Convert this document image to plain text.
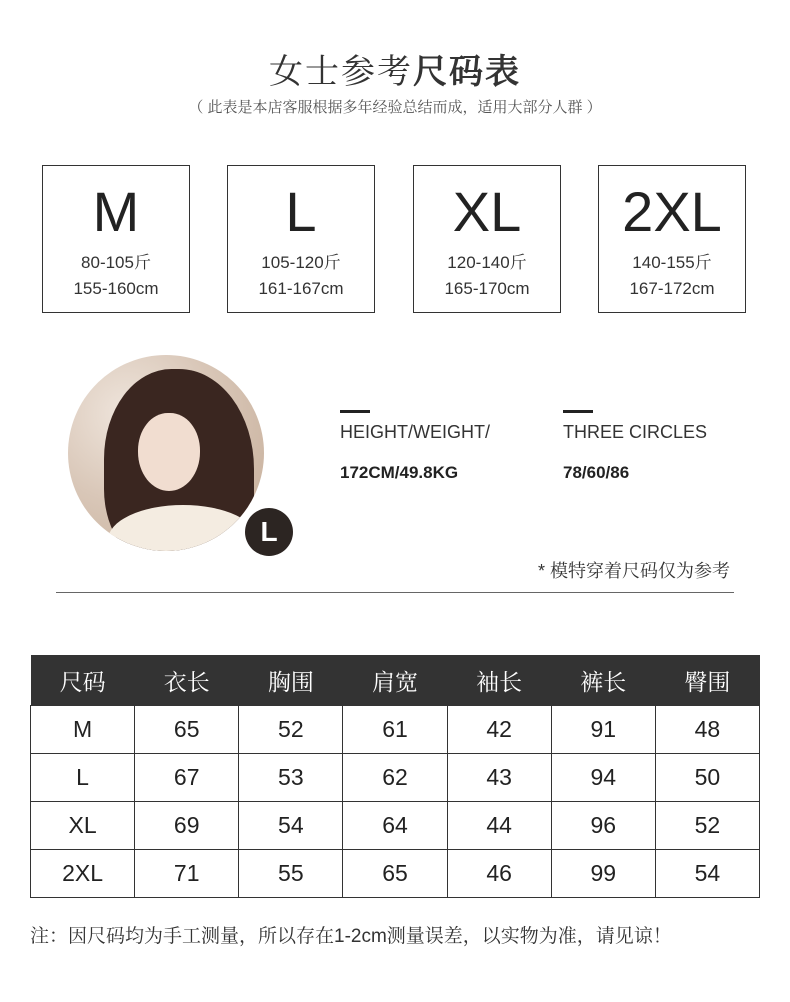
女士参考尺码表
（ 此表是本店客服根据多年经验总结而成，适用大部分人群 ）
M
80-105斤
155-160cm
L
105-120斤
161-167cm
XL
120-140斤
165-170cm
2XL
140-155斤
167-172cm
L
HEIGHT/WEIGHT/
172CM/49.8KG
THREE CIRCLES
78/60/86
* 模特穿着尺码仅为参考
尺码	衣长	胸围	肩宽	袖长	裤长	臀围
M	65	52	61	42	91	48
L	67	53	62	43	94	50
XL	69	54	64	44	96	52
2XL	71	55	65	46	99	54
注：因尺码均为手工测量，所以存在1-2cm测量误差，以实物为准，请见谅！
